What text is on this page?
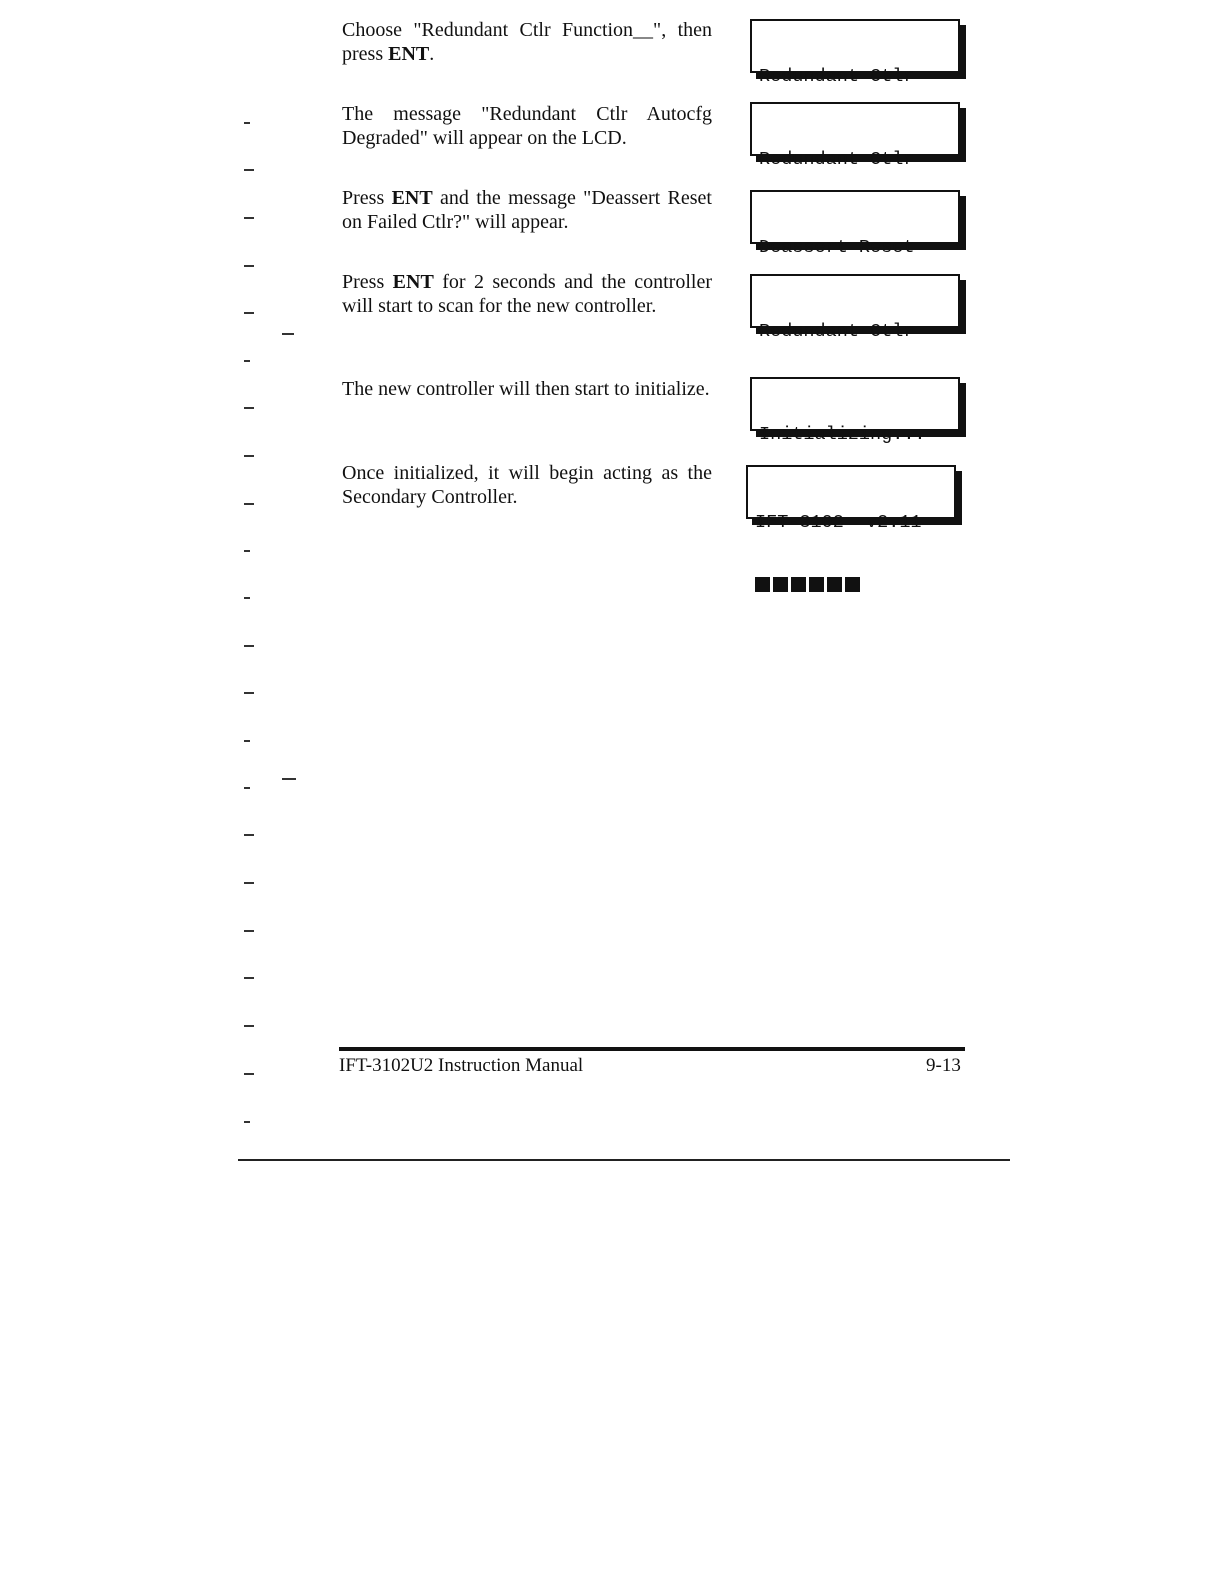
Choose "Redundant Ctlr Function__", then press ENT.

Redundant Ctlr

The message "Redundant Ctlr Autocfg Degraded" will appear on the LCD.

Redundant Ctlr

Press ENT and the message "Deassert Reset on Failed Ctlr?" will appear.

Deassert Reset

Press ENT for 2 seconds and the controller will start to scan for the new controller.

Redundant Ctlr

The new controller will then start to initialize.

Initializing...

Once initialized, it will begin acting as the Secondary Controller.

IFT-3102  v2.11

IFT-3102U2 Instruction Manual	9-13
